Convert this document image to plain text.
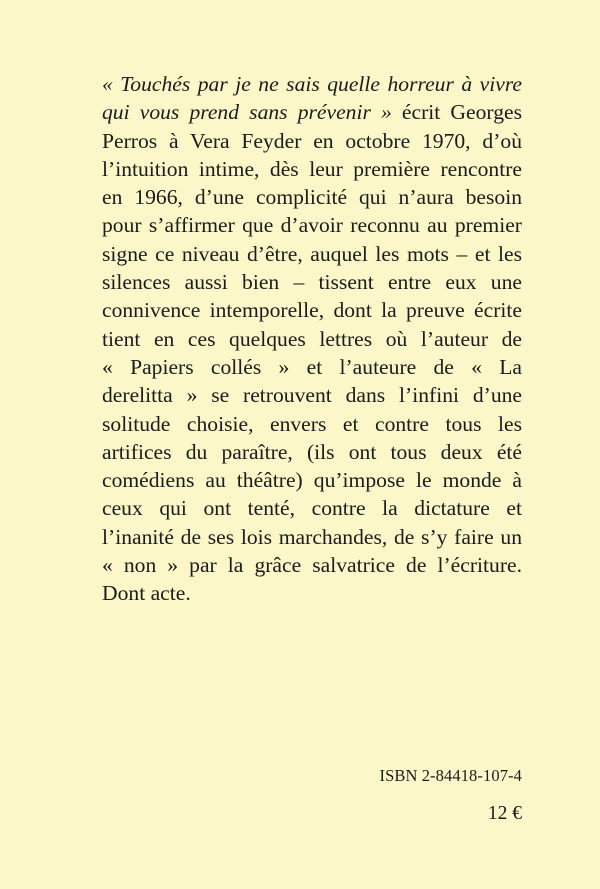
« Touchés par je ne sais quelle horreur à vivre
qui vous prend sans prévenir » écrit Georges
Perros à Vera Feyder en octobre 1970, d’où
l’intuition intime, dès leur première rencontre
en 1966, d’une complicité qui n’aura besoin
pour s’affirmer que d’avoir reconnu au premier
signe ce niveau d’être, auquel les mots – et les
silences aussi bien – tissent entre eux une
connivence intemporelle, dont la preuve écrite
tient en ces quelques lettres où l’auteur de
« Papiers collés » et l’auteure de « La
derelitta » se retrouvent dans l’infini d’une
solitude choisie, envers et contre tous les
artifices du paraître, (ils ont tous deux été
comédiens au théâtre) qu’impose le monde à
ceux qui ont tenté, contre la dictature et
l’inanité de ses lois marchandes, de s’y faire un
« non » par la grâce salvatrice de l’écriture.
Dont acte.

ISBN 2-84418-107-4
12 €
